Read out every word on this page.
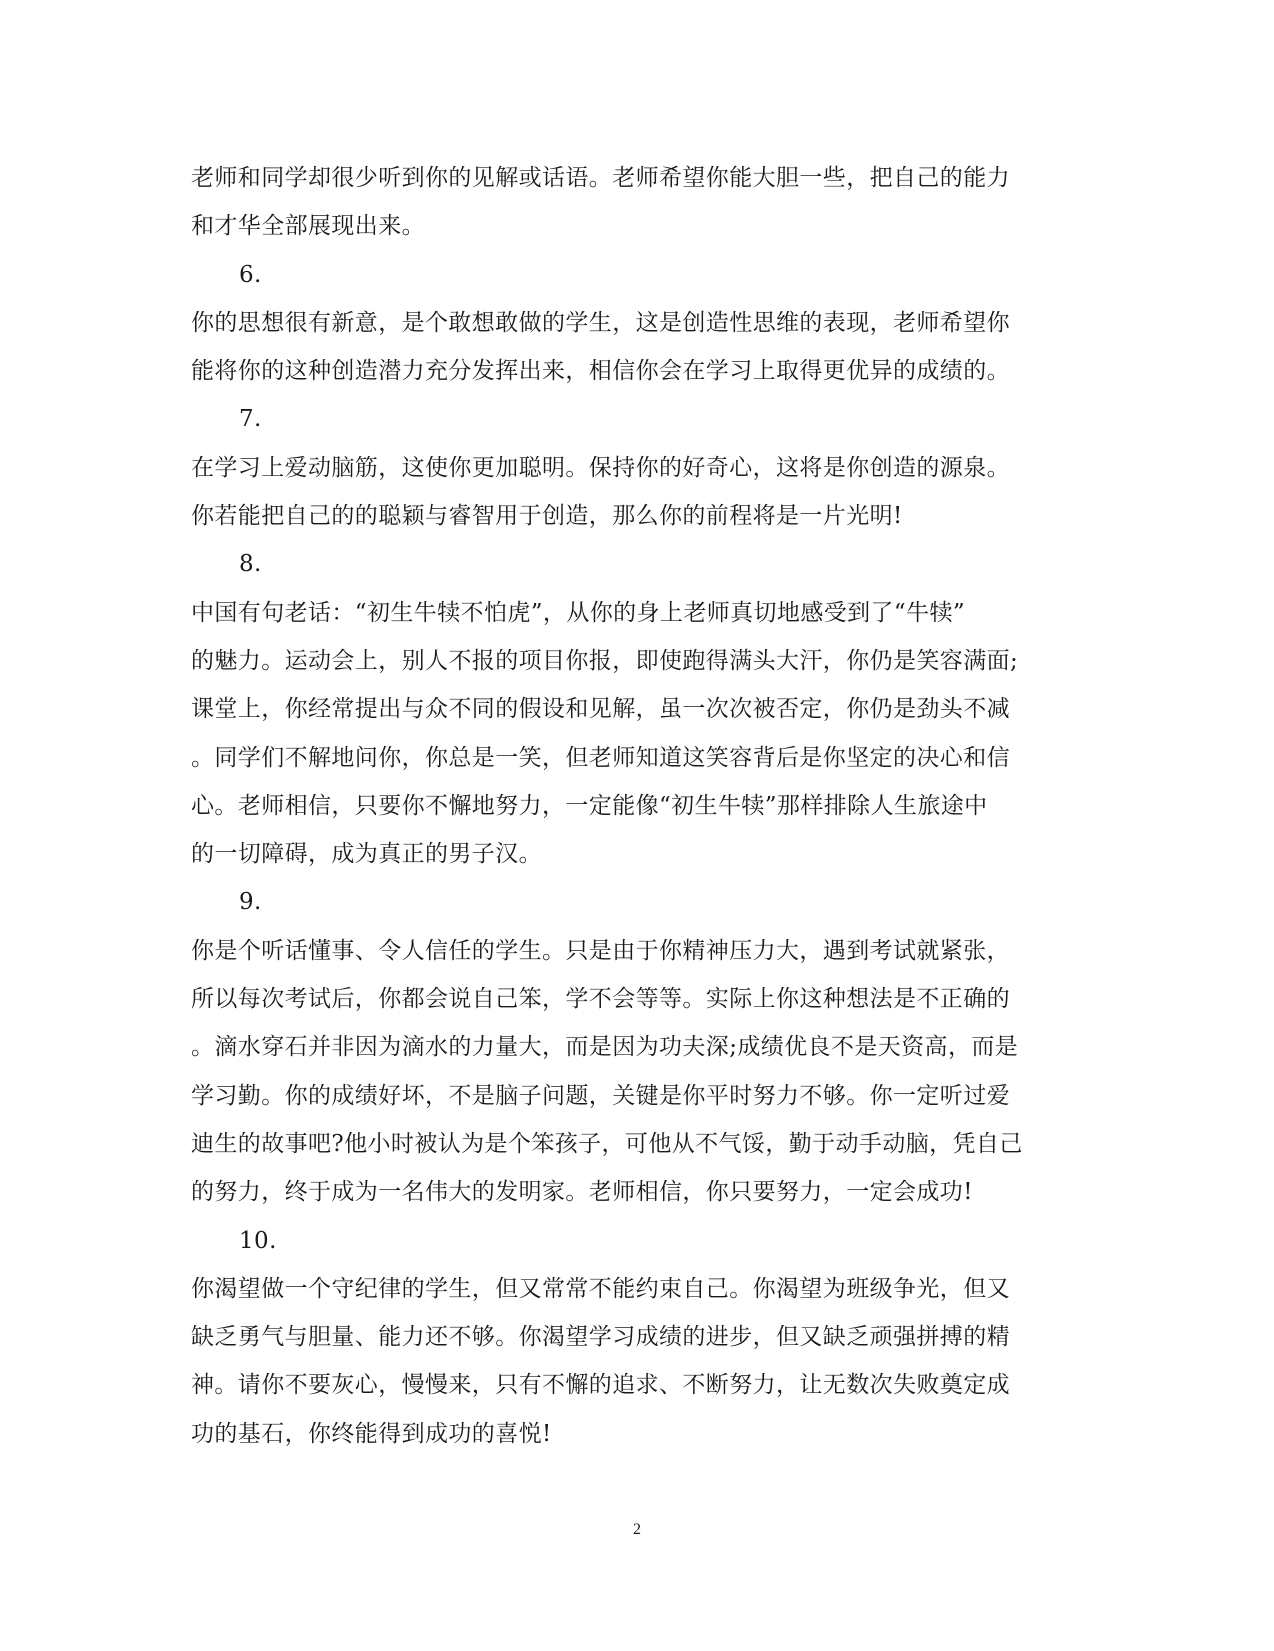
老师和同学却很少听到你的见解或话语。老师希望你能大胆一些，把自己的能力
和才华全部展现出来。
6.
你的思想很有新意，是个敢想敢做的学生，这是创造性思维的表现，老师希望你
能将你的这种创造潜力充分发挥出来，相信你会在学习上取得更优异的成绩的。
7.
在学习上爱动脑筋，这使你更加聪明。保持你的好奇心，这将是你创造的源泉。
你若能把自己的的聪颖与睿智用于创造，那么你的前程将是一片光明!
8.
中国有句老话：“初生牛犊不怕虎”，从你的身上老师真切地感受到了“牛犊”
的魅力。运动会上，别人不报的项目你报，即使跑得满头大汗，你仍是笑容满面;
课堂上，你经常提出与众不同的假设和见解，虽一次次被否定，你仍是劲头不减
。同学们不解地问你，你总是一笑，但老师知道这笑容背后是你坚定的决心和信
心。老师相信，只要你不懈地努力，一定能像“初生牛犊”那样排除人生旅途中
的一切障碍，成为真正的男子汉。
9.
你是个听话懂事、令人信任的学生。只是由于你精神压力大，遇到考试就紧张，
所以每次考试后，你都会说自己笨，学不会等等。实际上你这种想法是不正确的
。滴水穿石并非因为滴水的力量大，而是因为功夫深;成绩优良不是天资高，而是
学习勤。你的成绩好坏，不是脑子问题，关键是你平时努力不够。你一定听过爱
迪生的故事吧?他小时被认为是个笨孩子，可他从不气馁，勤于动手动脑，凭自己
的努力，终于成为一名伟大的发明家。老师相信，你只要努力，一定会成功!
10.
你渴望做一个守纪律的学生，但又常常不能约束自己。你渴望为班级争光，但又
缺乏勇气与胆量、能力还不够。你渴望学习成绩的进步，但又缺乏顽强拼搏的精
神。请你不要灰心，慢慢来，只有不懈的追求、不断努力，让无数次失败奠定成
功的基石，你终能得到成功的喜悦!
2
